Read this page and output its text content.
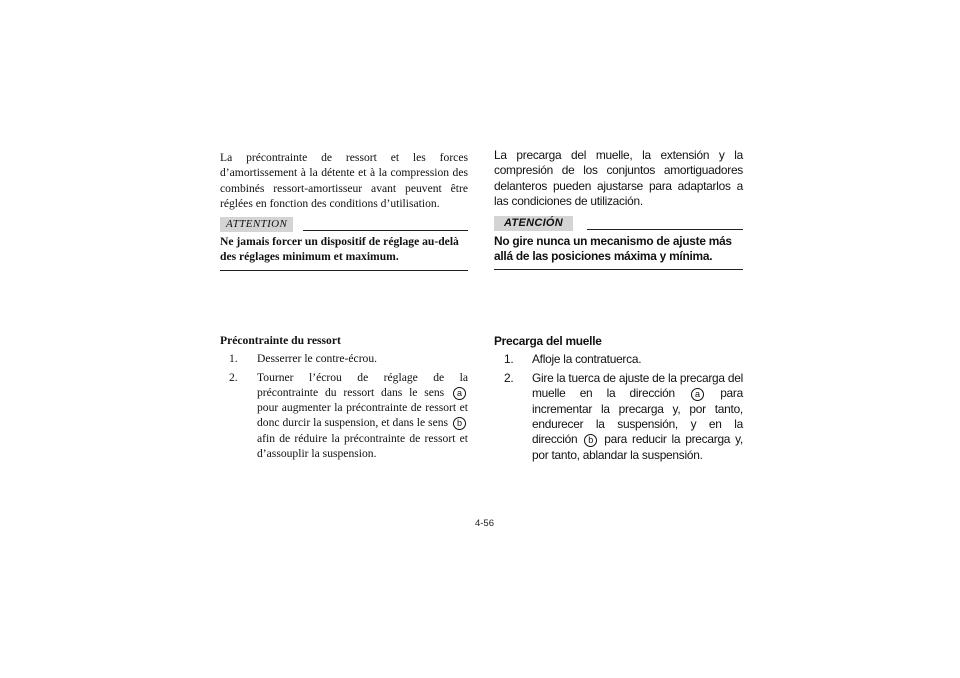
La précontrainte de ressort et les forces d’amortissement à la détente et à la compression des combinés ressort-amortisseur avant peuvent être réglées en fonction des conditions d’utilisation.

ATTENTION

Ne jamais forcer un dispositif de réglage au-delà des réglages minimum et maximum.

La precarga del muelle, la extensión y la compresión de los conjuntos amortiguadores delanteros pueden ajustarse para adaptarlos a las condiciones de utilización.

ATENCIÓN

No gire nunca un mecanismo de ajuste más allá de las posiciones máxima y mínima.

Précontrainte du ressort

1.	Desserrer le contre-écrou.
2.	Tourner l’écrou de réglage de la précontrainte du ressort dans le sens a pour augmenter la précontrainte de ressort et donc durcir la suspension, et dans le sens b afin de réduire la précontrainte de ressort et d’assouplir la suspension.

Precarga del muelle

1.	Afloje la contratuerca.
2.	Gire la tuerca de ajuste de la precarga del muelle en la dirección a para incrementar la precarga y, por tanto, endurecer la suspensión, y en la dirección b para reducir la precarga y, por tanto, ablandar la suspensión.
4-56
